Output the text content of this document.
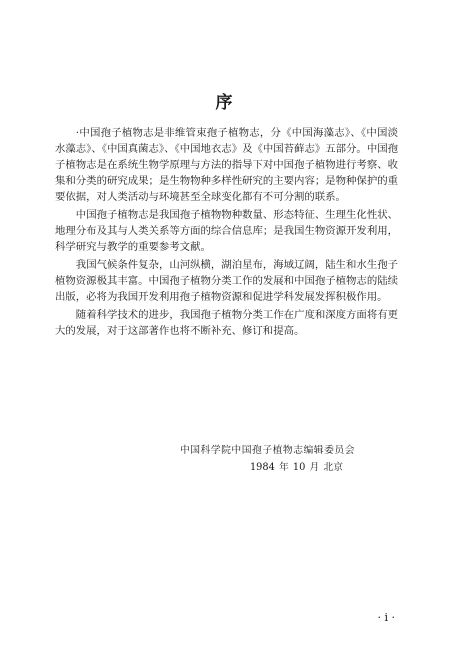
序

·中国孢子植物志是非维管束孢子植物志，分《中国海藻志》、《中国淡水藻志》、《中国真菌志》、《中国地衣志》及《中国苔藓志》五部分。中国孢子植物志是在系统生物学原理与方法的指导下对中国孢子植物进行考察、收集和分类的研究成果；是生物物种多样性研究的主要内容；是物种保护的重要依据，对人类活动与环境甚至全球变化都有不可分割的联系。

中国孢子植物志是我国孢子植物物种数量、形态特征、生理生化性状、地理分布及其与人类关系等方面的综合信息库；是我国生物资源开发利用，科学研究与教学的重要参考文献。

我国气候条件复杂，山河纵横，湖泊星布，海域辽阔，陆生和水生孢子植物资源极其丰富。中国孢子植物分类工作的发展和中国孢子植物志的陆续出版，必将为我国开发利用孢子植物资源和促进学科发展发挥积极作用。

随着科学技术的进步，我国孢子植物分类工作在广度和深度方面将有更大的发展，对于这部著作也将不断补充、修订和提高。

中国科学院中国孢子植物志编辑委员会
1984 年 10 月 北京
· i ·
